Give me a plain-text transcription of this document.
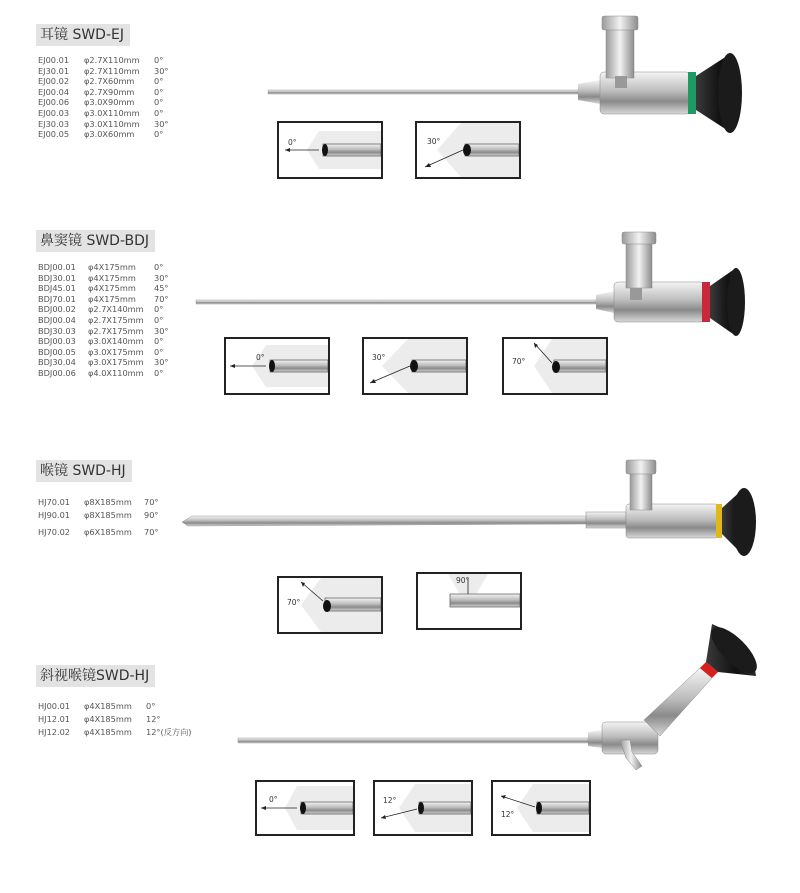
耳镜 SWD-EJ
EJ00.01 φ2.7X110mm 0°
EJ30.01 φ2.7X110mm 30°
EJ00.02 φ2.7X60mm 0°
EJ00.04 φ2.7X90mm 0°
EJ00.06 φ3.0X90mm 0°
EJ00.03 φ3.0X110mm 0°
EJ30.03 φ3.0X110mm 30°
EJ00.05 φ3.0X60mm 0°
0°	30°
鼻窦镜 SWD-BDJ
BDJ00.01 φ4X175mm 0°
BDJ30.01 φ4X175mm 30°
BDJ45.01 φ4X175mm 45°
BDJ70.01 φ4X175mm 70°
BDJ00.02 φ2.7X140mm 0°
BDJ00.04 φ2.7X175mm 0°
BDJ30.03 φ2.7X175mm 30°
BDJ00.03 φ3.0X140mm 0°
BDJ00.05 φ3.0X175mm 0°
BDJ30.04 φ3.0X175mm 30°
BDJ00.06 φ4.0X110mm 0°
0°	30°	70°
喉镜 SWD-HJ
HJ70.01 φ8X185mm 70°
HJ90.01 φ8X185mm 90°
HJ70.02 φ6X185mm 70°
70°
90°
斜视喉镜SWD-HJ
HJ00.01 φ4X185mm 0°
HJ12.01 φ4X185mm 12°
HJ12.02 φ4X185mm 12°(反方向)
0°	12°
12°
